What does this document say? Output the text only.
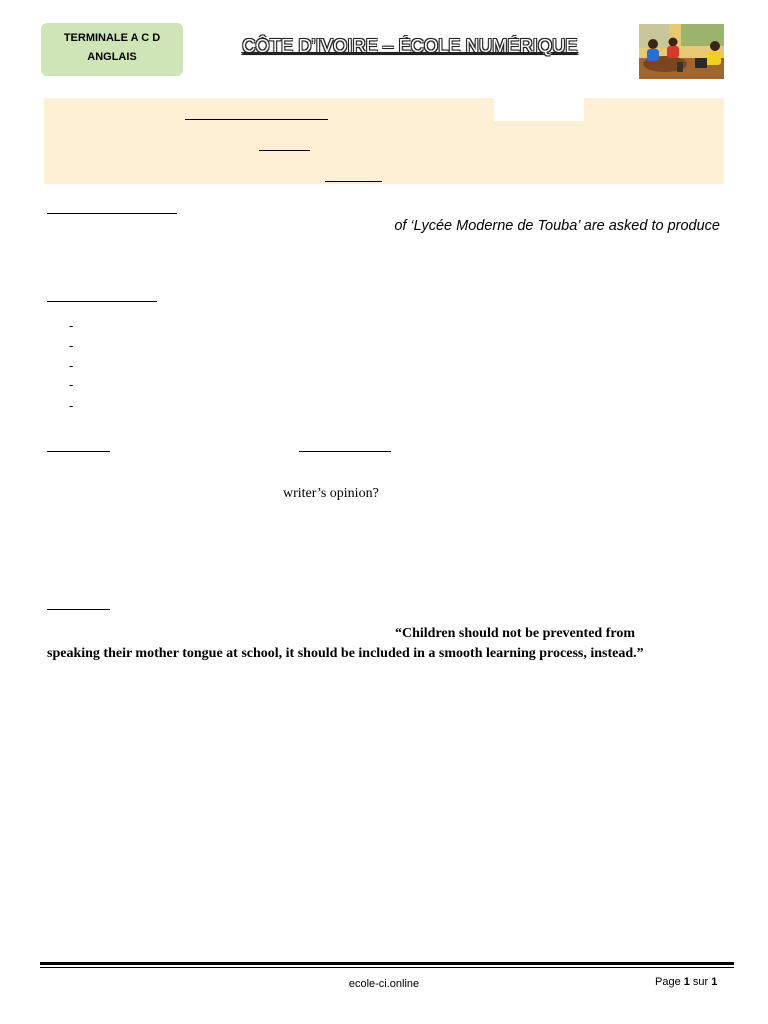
TERMINALE A C D
ANGLAIS
CÔTE D’IVOIRE – ÉCOLE NUMÉRIQUE
of ‘Lycée Moderne de Touba’ are asked to produce
-
-
-
-
-
writer’s opinion?
“Children should not be prevented from
speaking their mother tongue at school, it should be included in a smooth learning process, instead.”
ecole-ci.online	Page 1 sur 1
